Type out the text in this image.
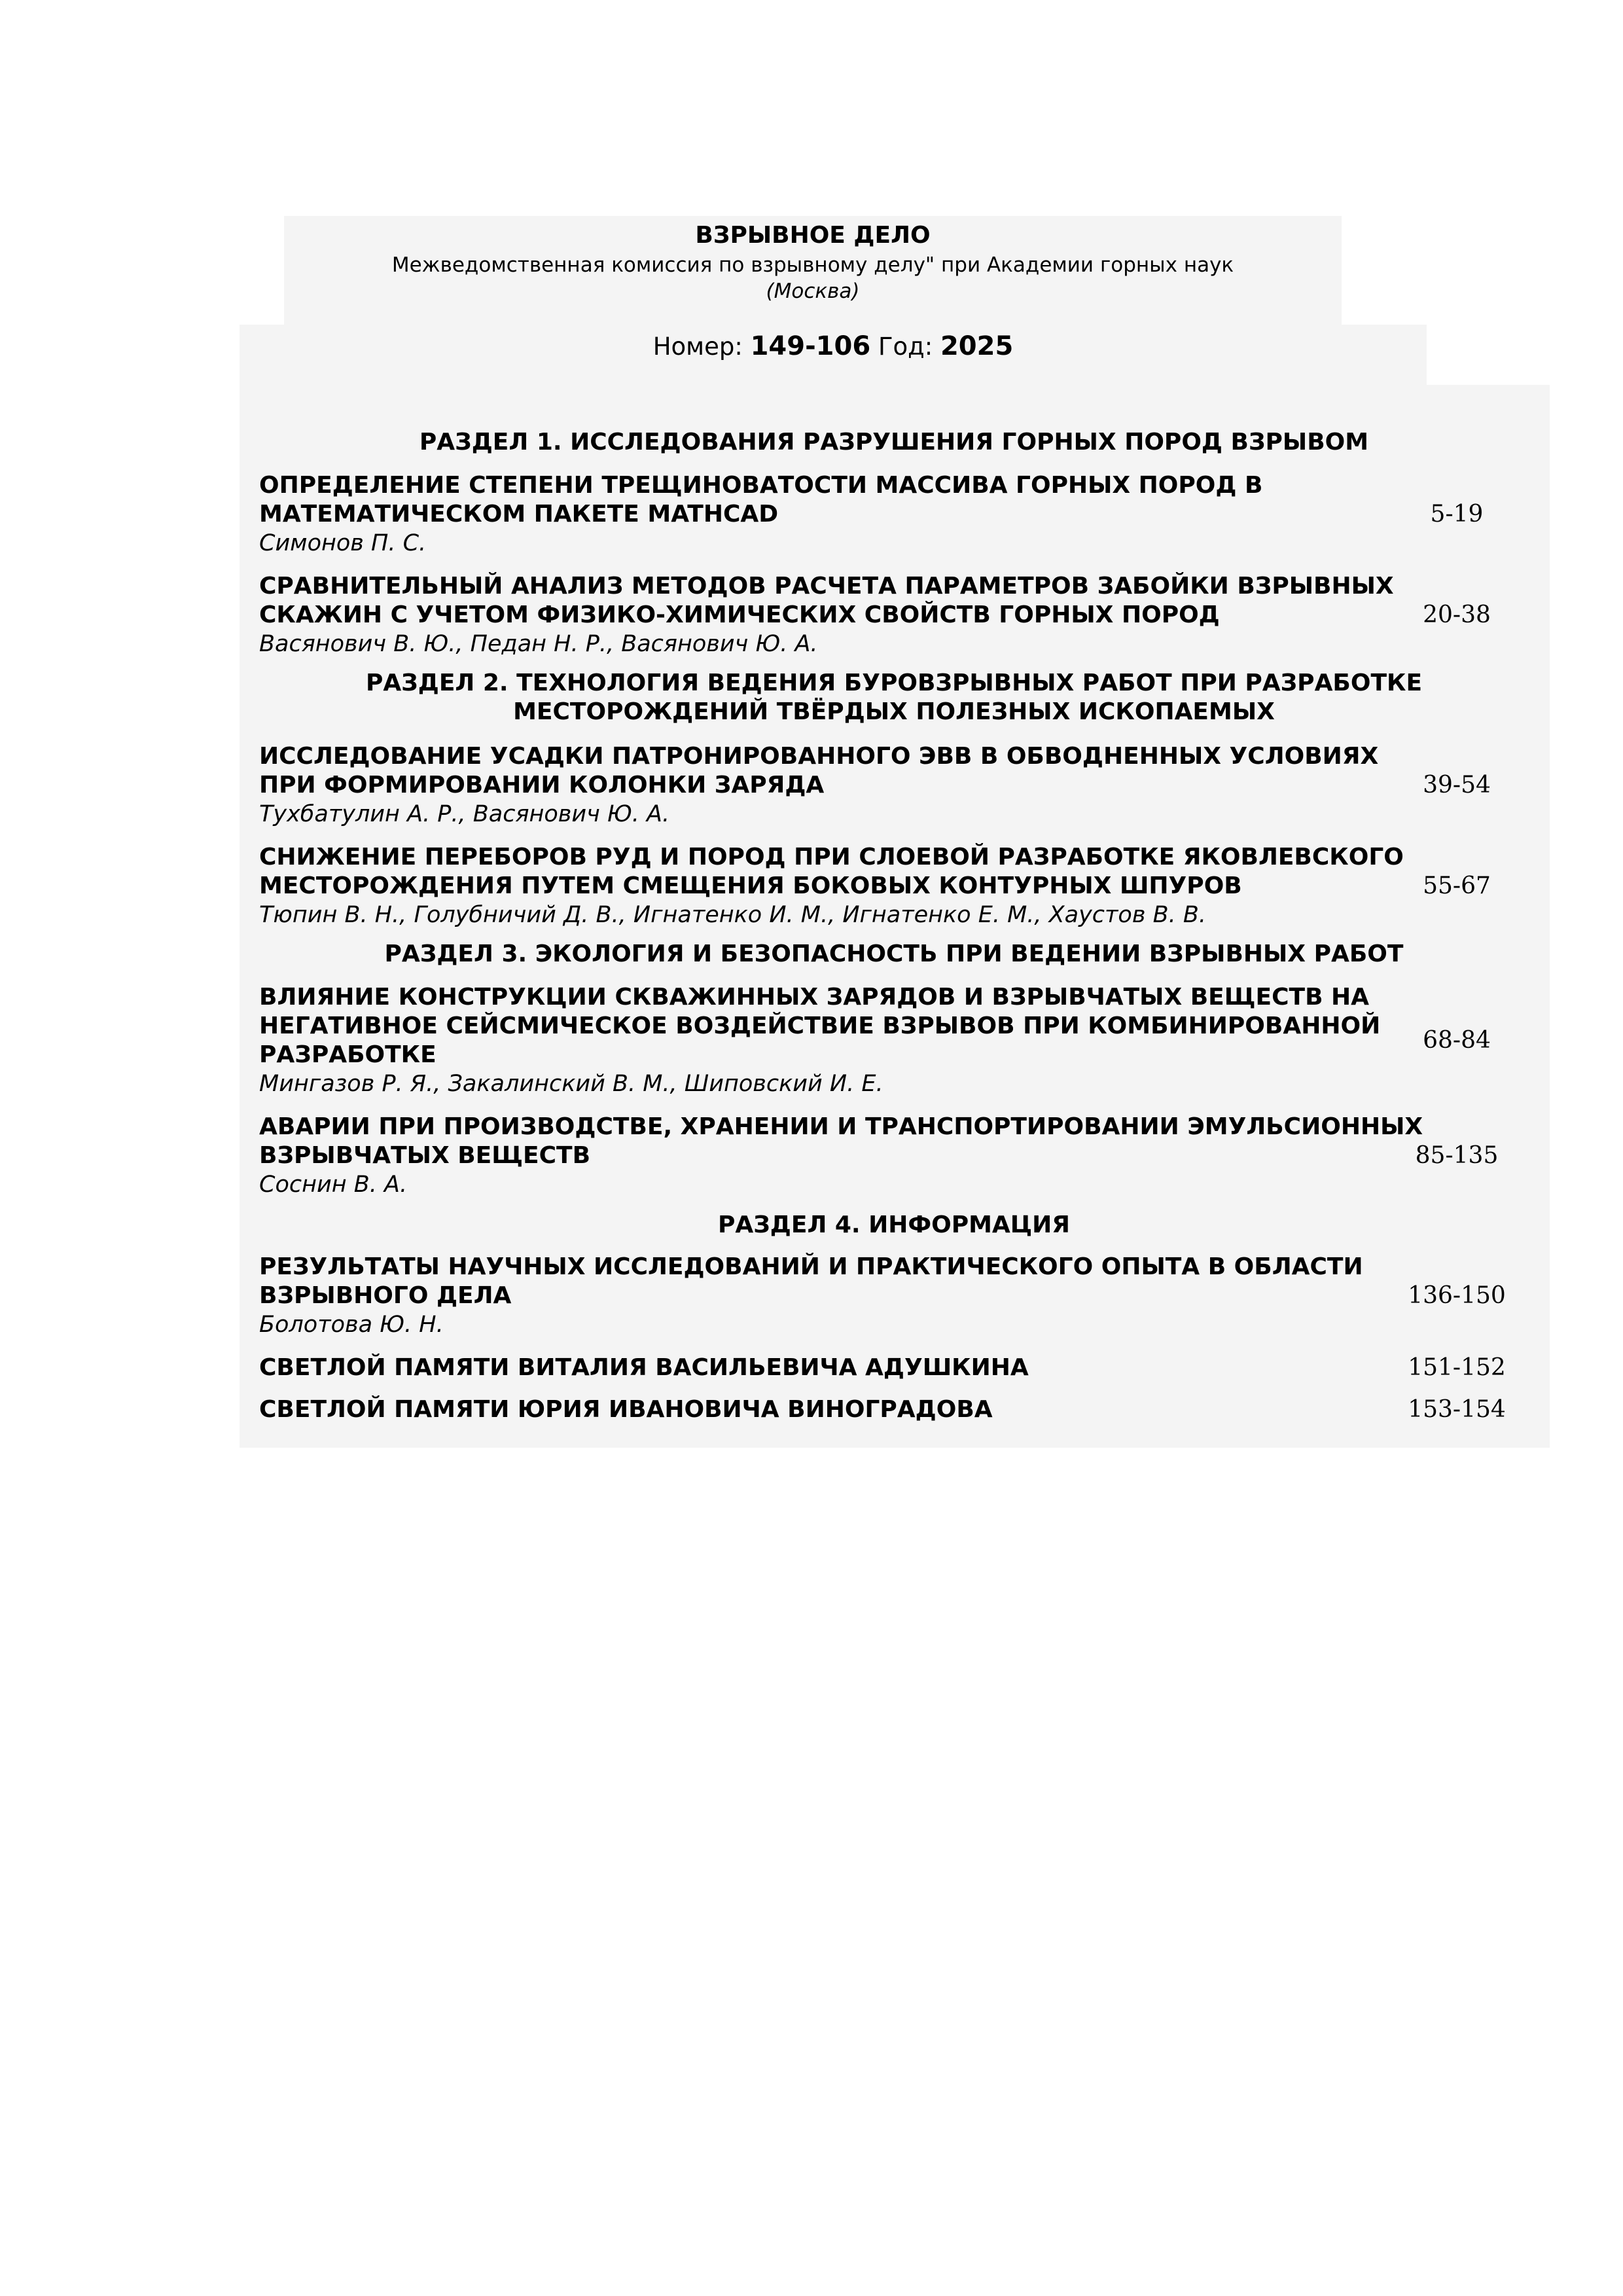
ВЗРЫВНОЕ ДЕЛО
Межведомственная комиссия по взрывному делу" при Академии горных наук
(Москва)
Номер: 149-106 Год: 2025
РАЗДЕЛ 1. ИССЛЕДОВАНИЯ РАЗРУШЕНИЯ ГОРНЫХ ПОРОД ВЗРЫВОМ
ОПРЕДЕЛЕНИЕ СТЕПЕНИ ТРЕЩИНОВАТОСТИ МАССИВА ГОРНЫХ ПОРОД В МАТЕМАТИЧЕСКОМ ПАКЕТЕ MATHCAD	5-19
Симонов П. С.
СРАВНИТЕЛЬНЫЙ АНАЛИЗ МЕТОДОВ РАСЧЕТА ПАРАМЕТРОВ ЗАБОЙКИ ВЗРЫВНЫХ СКАЖИН С УЧЕТОМ ФИЗИКО-ХИМИЧЕСКИХ СВОЙСТВ ГОРНЫХ ПОРОД	20-38
Васянович В. Ю., Педан Н. Р., Васянович Ю. А.
РАЗДЕЛ 2. ТЕХНОЛОГИЯ ВЕДЕНИЯ БУРОВЗРЫВНЫХ РАБОТ ПРИ РАЗРАБОТКЕ МЕСТОРОЖДЕНИЙ ТВЁРДЫХ ПОЛЕЗНЫХ ИСКОПАЕМЫХ
ИССЛЕДОВАНИЕ УСАДКИ ПАТРОНИРОВАННОГО ЭВВ В ОБВОДНЕННЫХ УСЛОВИЯХ ПРИ ФОРМИРОВАНИИ КОЛОНКИ ЗАРЯДА	39-54
Тухбатулин А. Р., Васянович Ю. А.
СНИЖЕНИЕ ПЕРЕБОРОВ РУД И ПОРОД ПРИ СЛОЕВОЙ РАЗРАБОТКЕ ЯКОВЛЕВСКОГО МЕСТОРОЖДЕНИЯ ПУТЕМ СМЕЩЕНИЯ БОКОВЫХ КОНТУРНЫХ ШПУРОВ	55-67
Тюпин В. Н., Голубничий Д. В., Игнатенко И. М., Игнатенко Е. М., Хаустов В. В.
РАЗДЕЛ 3. ЭКОЛОГИЯ И БЕЗОПАСНОСТЬ ПРИ ВЕДЕНИИ ВЗРЫВНЫХ РАБОТ
ВЛИЯНИЕ КОНСТРУКЦИИ СКВАЖИННЫХ ЗАРЯДОВ И ВЗРЫВЧАТЫХ ВЕЩЕСТВ НА НЕГАТИВНОЕ СЕЙСМИЧЕСКОЕ ВОЗДЕЙСТВИЕ ВЗРЫВОВ ПРИ КОМБИНИРОВАННОЙ РАЗРАБОТКЕ
68-84
Мингазов Р. Я., Закалинский В. М., Шиповский И. Е.
АВАРИИ ПРИ ПРОИЗВОДСТВЕ, ХРАНЕНИИ И ТРАНСПОРТИРОВАНИИ ЭМУЛЬСИОННЫХ ВЗРЫВЧАТЫХ ВЕЩЕСТВ	85-135
Соснин В. А.
РАЗДЕЛ 4. ИНФОРМАЦИЯ
РЕЗУЛЬТАТЫ НАУЧНЫХ ИССЛЕДОВАНИЙ И ПРАКТИЧЕСКОГО ОПЫТА В ОБЛАСТИ ВЗРЫВНОГО ДЕЛА	136-150
Болотова Ю. Н.
СВЕТЛОЙ ПАМЯТИ ВИТАЛИЯ ВАСИЛЬЕВИЧА АДУШКИНА	151-152
СВЕТЛОЙ ПАМЯТИ ЮРИЯ ИВАНОВИЧА ВИНОГРАДОВА	153-154
